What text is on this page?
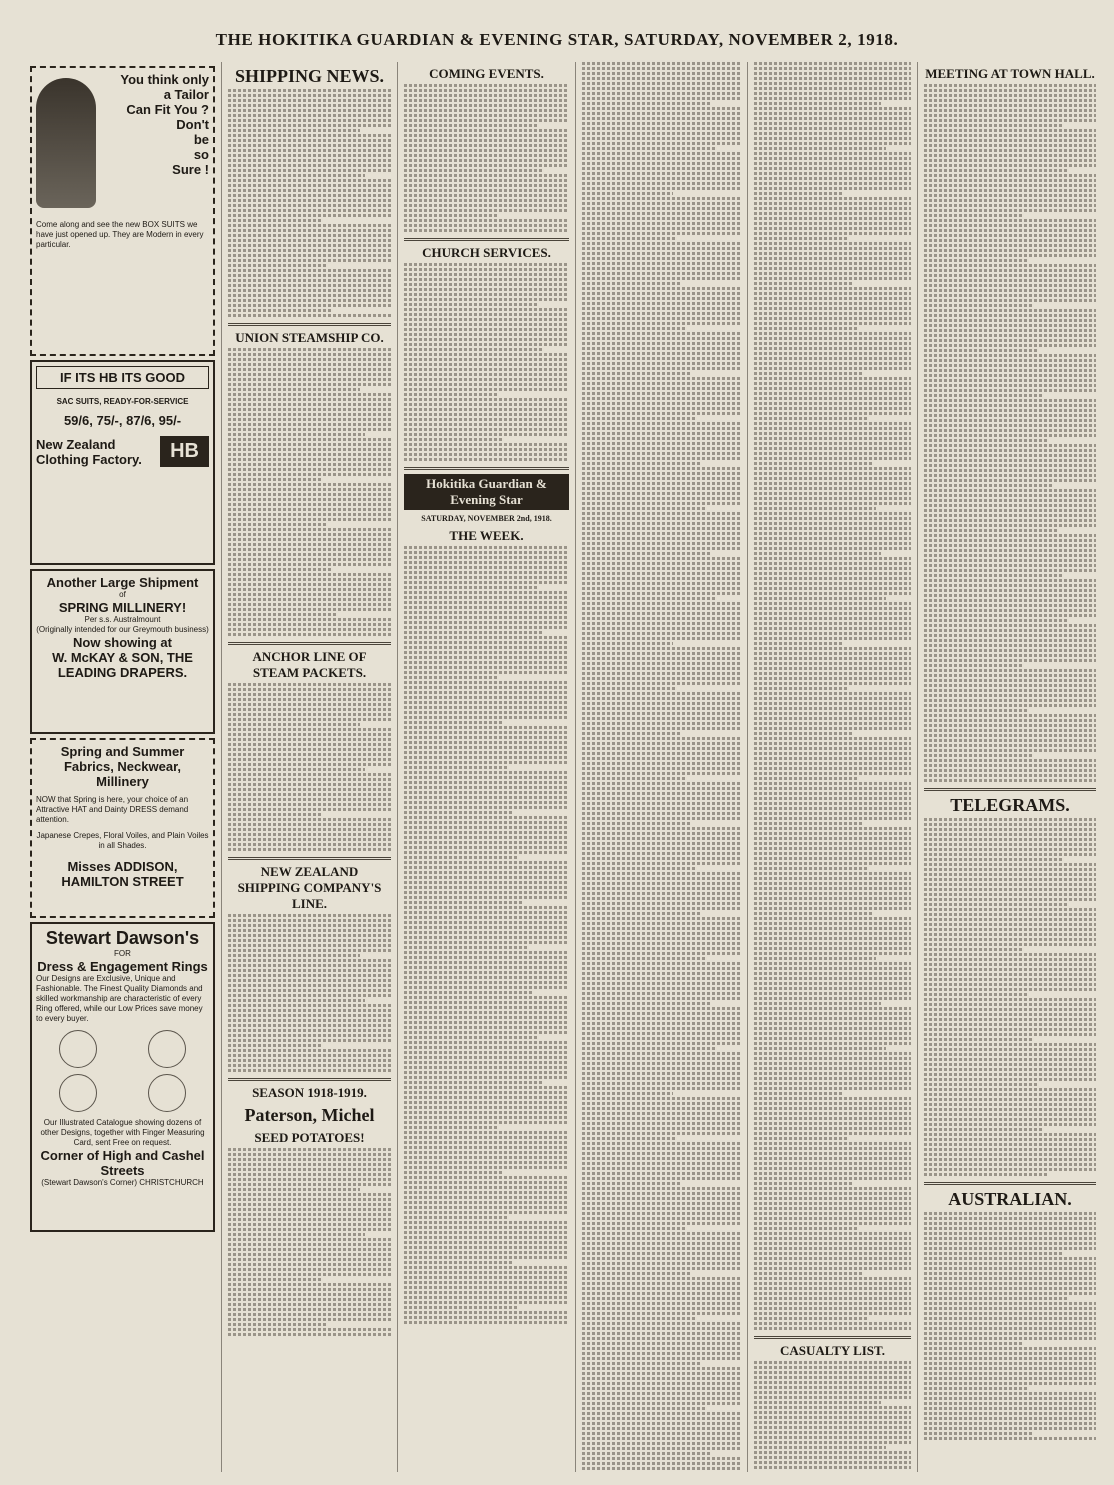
THE HOKITIKA GUARDIAN & EVENING STAR, SATURDAY, NOVEMBER 2, 1918.
You think only
a Tailor
Can Fit You ?
Don't
be
so
Sure !
Come along and see the new BOX SUITS we have just opened up. They are Modern in every particular.
IF ITS HB ITS GOOD
SAC SUITS, READY-FOR-SERVICE
59/6, 75/-, 87/6, 95/-
New Zealand Clothing Factory.	HB
Another Large Shipment
of
SPRING MILLINERY!
Per s.s. Australmount
(Originally intended for our Greymouth business)
Now showing at
W. McKAY & SON, THE LEADING DRAPERS.
Spring and Summer Fabrics, Neckwear, Millinery
NOW that Spring is here, your choice of an Attractive HAT and Dainty DRESS demand attention.
Japanese Crepes, Floral Voiles, and Plain Voiles in all Shades.
Misses ADDISON, HAMILTON STREET
Stewart Dawson's
FOR
Dress & Engagement Rings
Our Designs are Exclusive, Unique and Fashionable. The Finest Quality Diamonds and skilled workmanship are characteristic of every Ring offered, while our Low Prices save money to every buyer.
Our Illustrated Catalogue showing dozens of other Designs, together with Finger Measuring Card, sent Free on request.
Corner of High and Cashel Streets
(Stewart Dawson's Corner) CHRISTCHURCH
SHIPPING NEWS.
UNION STEAMSHIP CO.
ANCHOR LINE OF STEAM PACKETS.
NEW ZEALAND SHIPPING COMPANY'S LINE.
SEASON 1918-1919.
Paterson, Michel
SEED POTATOES!
COMING EVENTS.
CHURCH SERVICES.
Hokitika Guardian & Evening Star
SATURDAY, NOVEMBER 2nd, 1918.
THE WEEK.
CASUALTY LIST.
MEETING AT TOWN HALL.
TELEGRAMS.
AUSTRALIAN.
